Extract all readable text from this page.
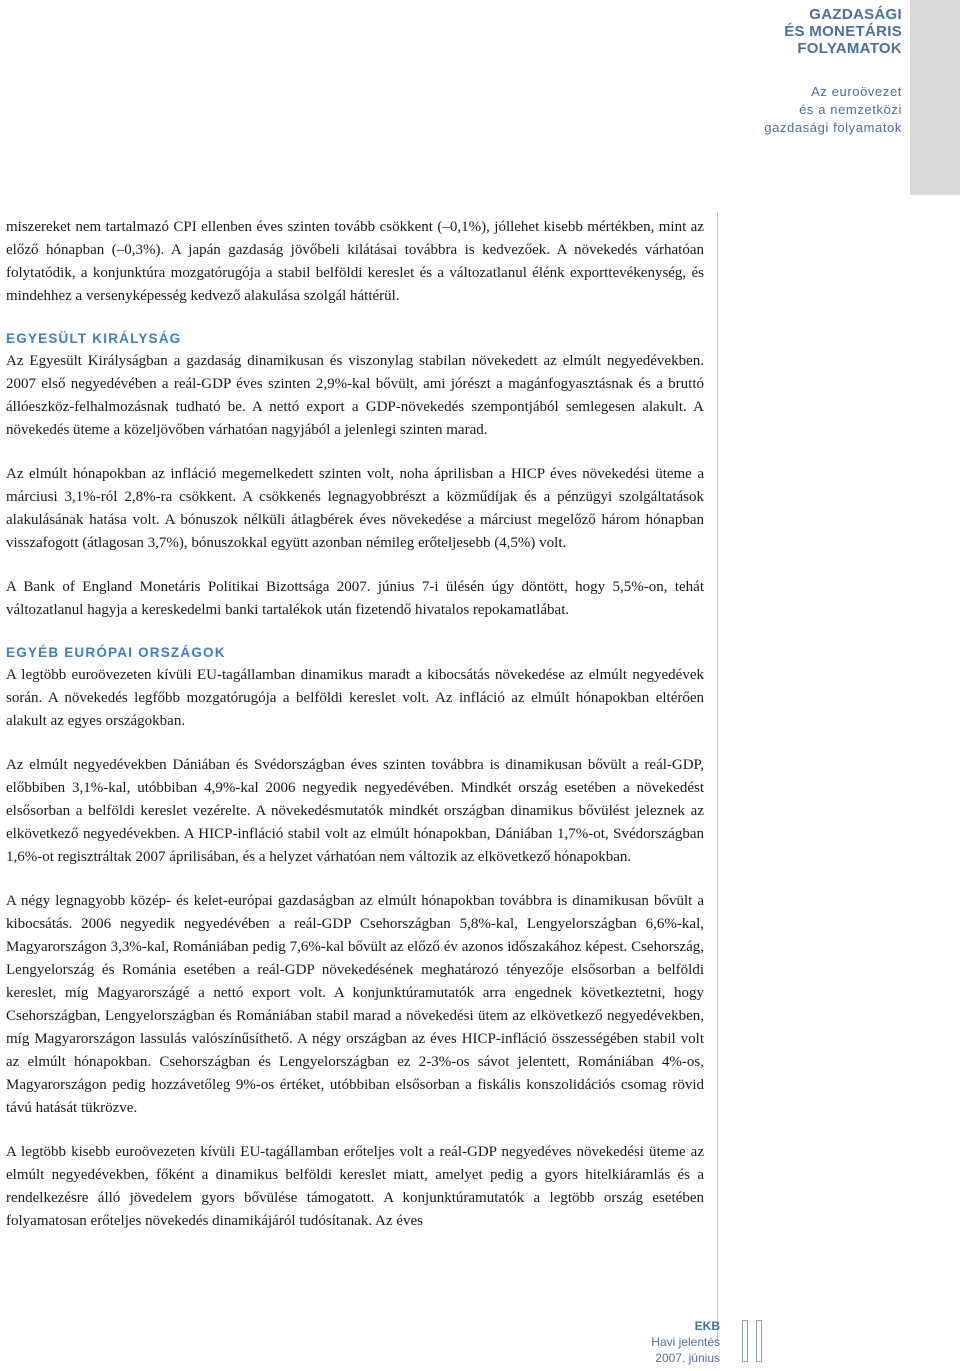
GAZDASÁGI
ÉS MONETÁRIS
FOLYAMATOK
Az euroövezet
és a nemzetközi
gazdasági folyamatok

miszereket nem tartalmazó CPI ellenben éves szinten tovább csökkent (–0,1%), jóllehet kisebb mértékben, mint az előző hónapban (–0,3%). A japán gazdaság jövőbeli kilátásai továbbra is kedvezőek. A növekedés várhatóan folytatódik, a konjunktúra mozgatórugója a stabil belföldi kereslet és a változatlanul élénk exporttevékenység, és mindehhez a versenyképesség kedvező alakulása szolgál háttérül.

EGYESÜLT KIRÁLYSÁG

Az Egyesült Királyságban a gazdaság dinamikusan és viszonylag stabilan növekedett az elmúlt negyedévekben. 2007 első negyedévében a reál-GDP éves szinten 2,9%-kal bővült, ami jórészt a magánfogyasztásnak és a bruttó állóeszköz-felhalmozásnak tudható be. A nettó export a GDP-növekedés szempontjából semlegesen alakult. A növekedés üteme a közeljövőben várhatóan nagyjából a jelenlegi szinten marad.

Az elmúlt hónapokban az infláció megemelkedett szinten volt, noha áprilisban a HICP éves növekedési üteme a márciusi 3,1%-ról 2,8%-ra csökkent. A csökkenés legnagyobbrészt a közműdíjak és a pénzügyi szolgáltatások alakulásának hatása volt. A bónuszok nélküli átlagbérek éves növekedése a márciust megelőző három hónapban visszafogott (átlagosan 3,7%), bónuszokkal együtt azonban némileg erőteljesebb (4,5%) volt.

A Bank of England Monetáris Politikai Bizottsága 2007. június 7-i ülésén úgy döntött, hogy 5,5%-on, tehát változatlanul hagyja a kereskedelmi banki tartalékok után fizetendő hivatalos repokamatlábat.

EGYÉB EURÓPAI ORSZÁGOK

A legtöbb euroövezeten kívüli EU-tagállamban dinamikus maradt a kibocsátás növekedése az elmúlt negyedévek során. A növekedés legfőbb mozgatórugója a belföldi kereslet volt. Az infláció az elmúlt hónapokban eltérően alakult az egyes országokban.

Az elmúlt negyedévekben Dániában és Svédországban éves szinten továbbra is dinamikusan bővült a reál-GDP, előbbiben 3,1%-kal, utóbbiban 4,9%-kal 2006 negyedik negyedévében. Mindkét ország esetében a növekedést elsősorban a belföldi kereslet vezérelte. A növekedésmutatók mindkét országban dinamikus bővülést jeleznek az elkövetkező negyedévekben. A HICP-infláció stabil volt az elmúlt hónapokban, Dániában 1,7%-ot, Svédországban 1,6%-ot regisztráltak 2007 áprilisában, és a helyzet várhatóan nem változik az elkövetkező hónapokban.

A négy legnagyobb közép- és kelet-európai gazdaságban az elmúlt hónapokban továbbra is dinamikusan bővült a kibocsátás. 2006 negyedik negyedévében a reál-GDP Csehországban 5,8%-kal, Lengyelországban 6,6%-kal, Magyarországon 3,3%-kal, Romániában pedig 7,6%-kal bővült az előző év azonos időszakához képest. Csehország, Lengyelország és Románia esetében a reál-GDP növekedésének meghatározó tényezője elsősorban a belföldi kereslet, míg Magyarországé a nettó export volt. A konjunktúramutatók arra engednek következtetni, hogy Csehországban, Lengyelországban és Romániában stabil marad a növekedési ütem az elkövetkező negyedévekben, míg Magyarországon lassulás valószínűsíthető. A négy országban az éves HICP-infláció összességében stabil volt az elmúlt hónapokban. Csehországban és Lengyelországban ez 2-3%-os sávot jelentett, Romániában 4%-os, Magyarországon pedig hozzávetőleg 9%-os értéket, utóbbiban elsősorban a fiskális konszolidációs csomag rövid távú hatását tükrözve.

A legtöbb kisebb euroövezeten kívüli EU-tagállamban erőteljes volt a reál-GDP negyedéves növekedési üteme az elmúlt negyedévekben, főként a dinamikus belföldi kereslet miatt, amelyet pedig a gyors hitelkiáramlás és a rendelkezésre álló jövedelem gyors bővülése támogatott. A konjunktúramutatók a legtöbb ország esetében folyamatosan erőteljes növekedés dinamikájáról tudósítanak. Az éves

EKB
Havi jelentés
2007. június
